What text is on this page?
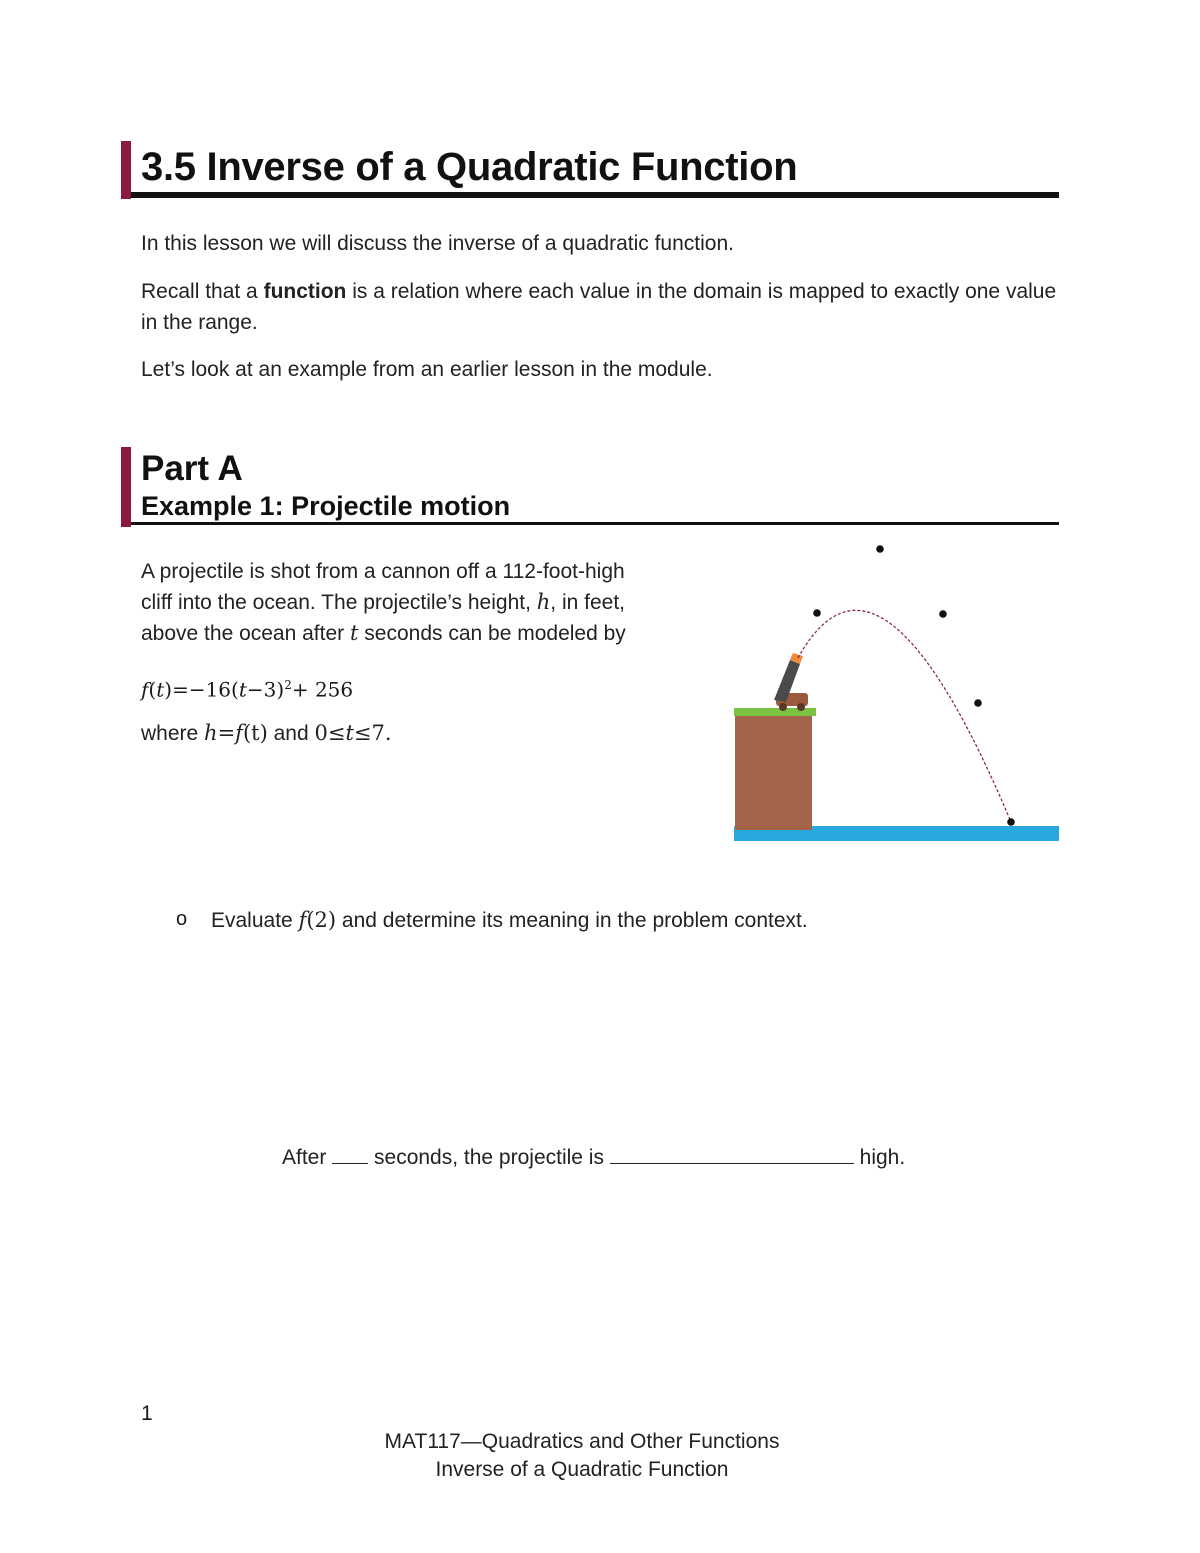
3.5 Inverse of a Quadratic Function
In this lesson we will discuss the inverse of a quadratic function.
Recall that a function is a relation where each value in the domain is mapped to exactly one value in the range.
Let’s look at an example from an earlier lesson in the module.
Part A
Example 1: Projectile motion
A projectile is shot from a cannon off a 112-foot-high
cliff into the ocean. The projectile’s height, h, in feet,
above the ocean after t seconds can be modeled by
$f(t)=-16(t-3)^2+ 256$
where h=f(t) and 0≤t≤7.
o Evaluate f(2) and determine its meaning in the problem context.
After  seconds, the projectile is	high.
1
MAT117—Quadratics and Other Functions
Inverse of a Quadratic Function
